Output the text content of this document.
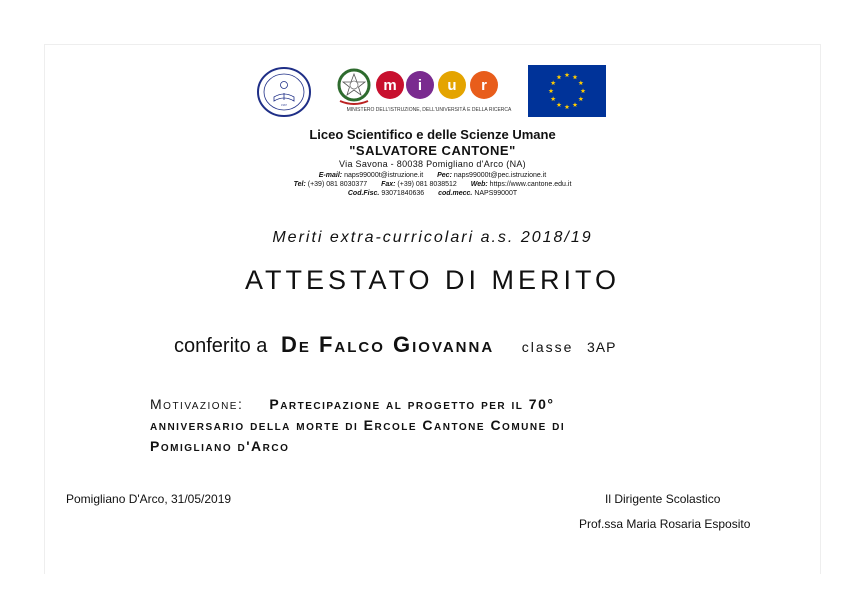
1967
m i u r
MINISTERO DELL'ISTRUZIONE, DELL'UNIVERSITÀ E DELLA RICERCA
Liceo Scientifico e delle Scienze Umane
"SALVATORE CANTONE"
Via Savona - 80038 Pomigliano d'Arco (NA)
E-mail: naps99000t@istruzione.it Pec: naps99000t@pec.istruzione.it
Tel: (+39) 081 8030377 Fax: (+39) 081 8038512 Web: https://www.cantone.edu.it
Cod.Fisc. 93071840636 cod.mecc. NAPS99000T
Meriti extra-curricolari a.s. 2018/19
ATTESTATO DI MERITO
conferito a De Falco Giovanna classe 3AP
Motivazione: Partecipazione al progetto per il 70°
anniversario della morte di Ercole Cantone Comune di
Pomigliano d'Arco
Pomigliano D'Arco, 31/05/2019	Il Dirigente Scolastico
Prof.ssa Maria Rosaria Esposito
